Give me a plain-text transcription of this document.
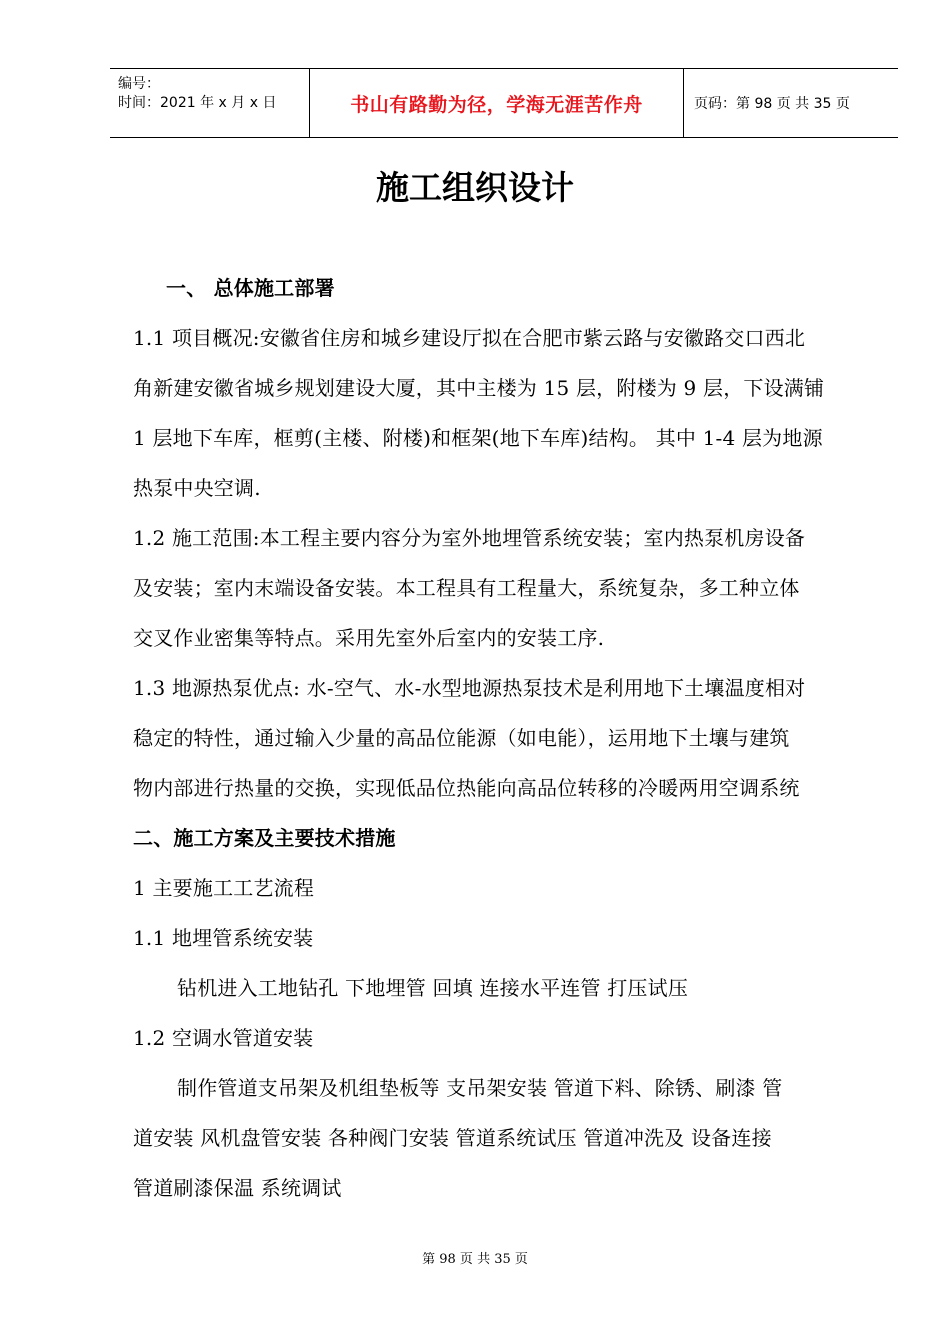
编号：
时间：2021 年 x 月 x 日	书山有路勤为径，学海无涯苦作舟	页码：第 98 页 共 35 页
施工组织设计
一、 总体施工部署
1.1 项目概况:安徽省住房和城乡建设厅拟在合肥市紫云路与安徽路交口西北
角新建安徽省城乡规划建设大厦，其中主楼为 15 层，附楼为 9 层，下设满铺
1 层地下车库，框剪(主楼、附楼)和框架(地下车库)结构。 其中 1-4 层为地源
热泵中央空调.
1.2 施工范围:本工程主要内容分为室外地埋管系统安装；室内热泵机房设备
及安装；室内末端设备安装。本工程具有工程量大，系统复杂，多工种立体
交叉作业密集等特点。采用先室外后室内的安装工序.
1.3 地源热泵优点: 水-空气、水-水型地源热泵技术是利用地下土壤温度相对
稳定的特性，通过输入少量的高品位能源（如电能），运用地下土壤与建筑
物内部进行热量的交换，实现低品位热能向高品位转移的冷暖两用空调系统
二、施工方案及主要技术措施
1 主要施工工艺流程
1.1 地埋管系统安装
钻机进入工地钻孔 下地埋管 回填 连接水平连管 打压试压
1.2 空调水管道安装
制作管道支吊架及机组垫板等 支吊架安装 管道下料、除锈、刷漆 管
道安装 风机盘管安装 各种阀门安装 管道系统试压 管道冲洗及 设备连接
管道刷漆保温 系统调试
第 98 页 共 35 页
